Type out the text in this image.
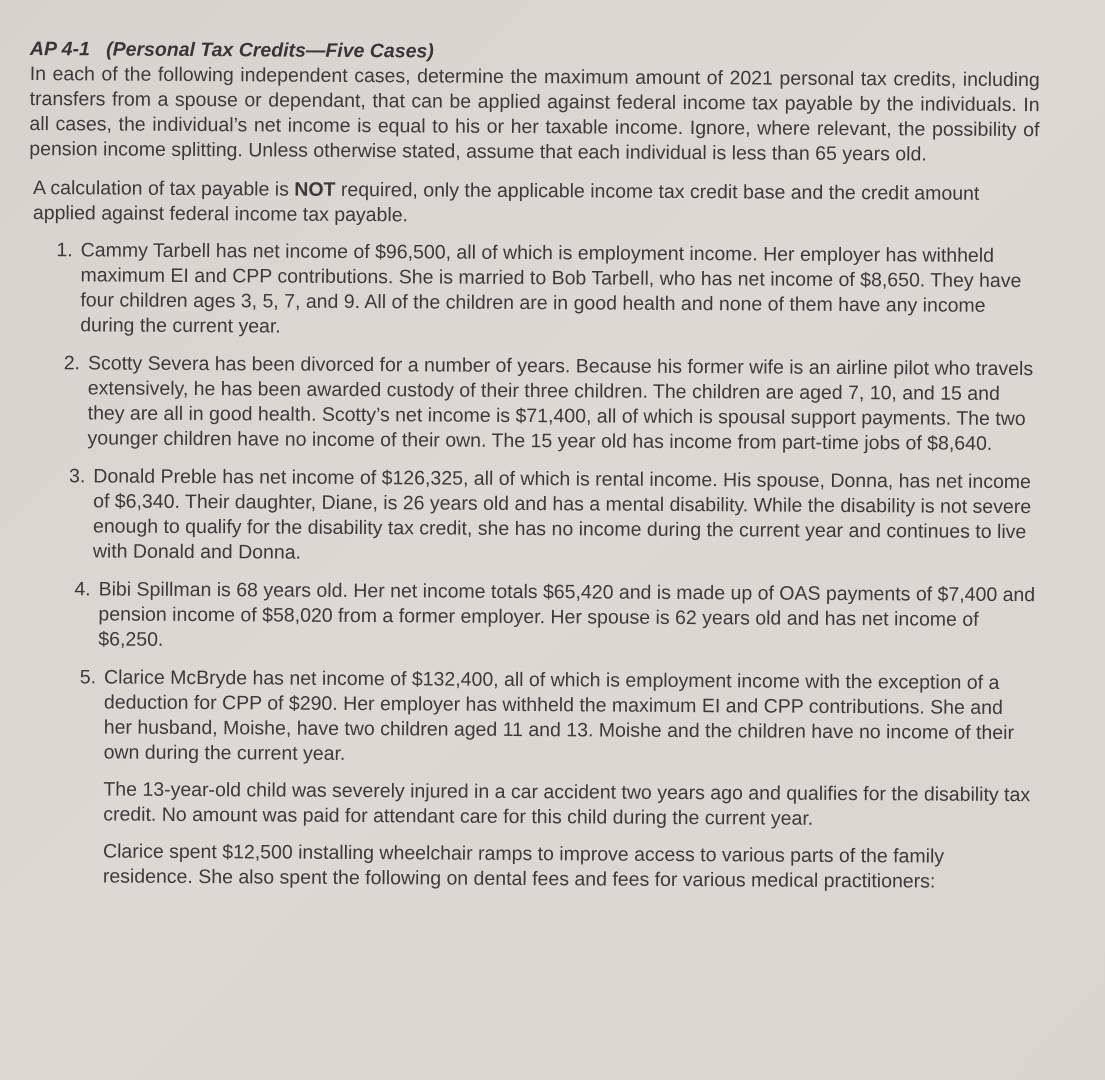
AP 4-1 (Personal Tax Credits—Five Cases)

In each of the following independent cases, determine the maximum amount of 2021 personal tax credits, including transfers from a spouse or dependant, that can be applied against federal income tax payable by the individuals. In all cases, the individual’s net income is equal to his or her taxable income. Ignore, where relevant, the possibility of pension income splitting. Unless otherwise stated, assume that each individual is less than 65 years old.

A calculation of tax payable is NOT required, only the applicable income tax credit base and the credit amount applied against federal income tax payable.

1. Cammy Tarbell has net income of $96,500, all of which is employment income. Her employer has withheld maximum EI and CPP contributions. She is married to Bob Tarbell, who has net income of $8,650. They have four children ages 3, 5, 7, and 9. All of the children are in good health and none of them have any income during the current year.

2. Scotty Severa has been divorced for a number of years. Because his former wife is an airline pilot who travels extensively, he has been awarded custody of their three children. The children are aged 7, 10, and 15 and they are all in good health. Scotty’s net income is $71,400, all of which is spousal support payments. The two younger children have no income of their own. The 15 year old has income from part-time jobs of $8,640.

3. Donald Preble has net income of $126,325, all of which is rental income. His spouse, Donna, has net income of $6,340. Their daughter, Diane, is 26 years old and has a mental disability. While the disability is not severe enough to qualify for the disability tax credit, she has no income during the current year and continues to live with Donald and Donna.

4. Bibi Spillman is 68 years old. Her net income totals $65,420 and is made up of OAS payments of $7,400 and pension income of $58,020 from a former employer. Her spouse is 62 years old and has net income of $6,250.

5. Clarice McBryde has net income of $132,400, all of which is employment income with the exception of a deduction for CPP of $290. Her employer has withheld the maximum EI and CPP contributions. She and her husband, Moishe, have two children aged 11 and 13. Moishe and the children have no income of their own during the current year.

The 13-year-old child was severely injured in a car accident two years ago and qualifies for the disability tax credit. No amount was paid for attendant care for this child during the current year.

Clarice spent $12,500 installing wheelchair ramps to improve access to various parts of the family residence. She also spent the following on dental fees and fees for various medical practitioners:
